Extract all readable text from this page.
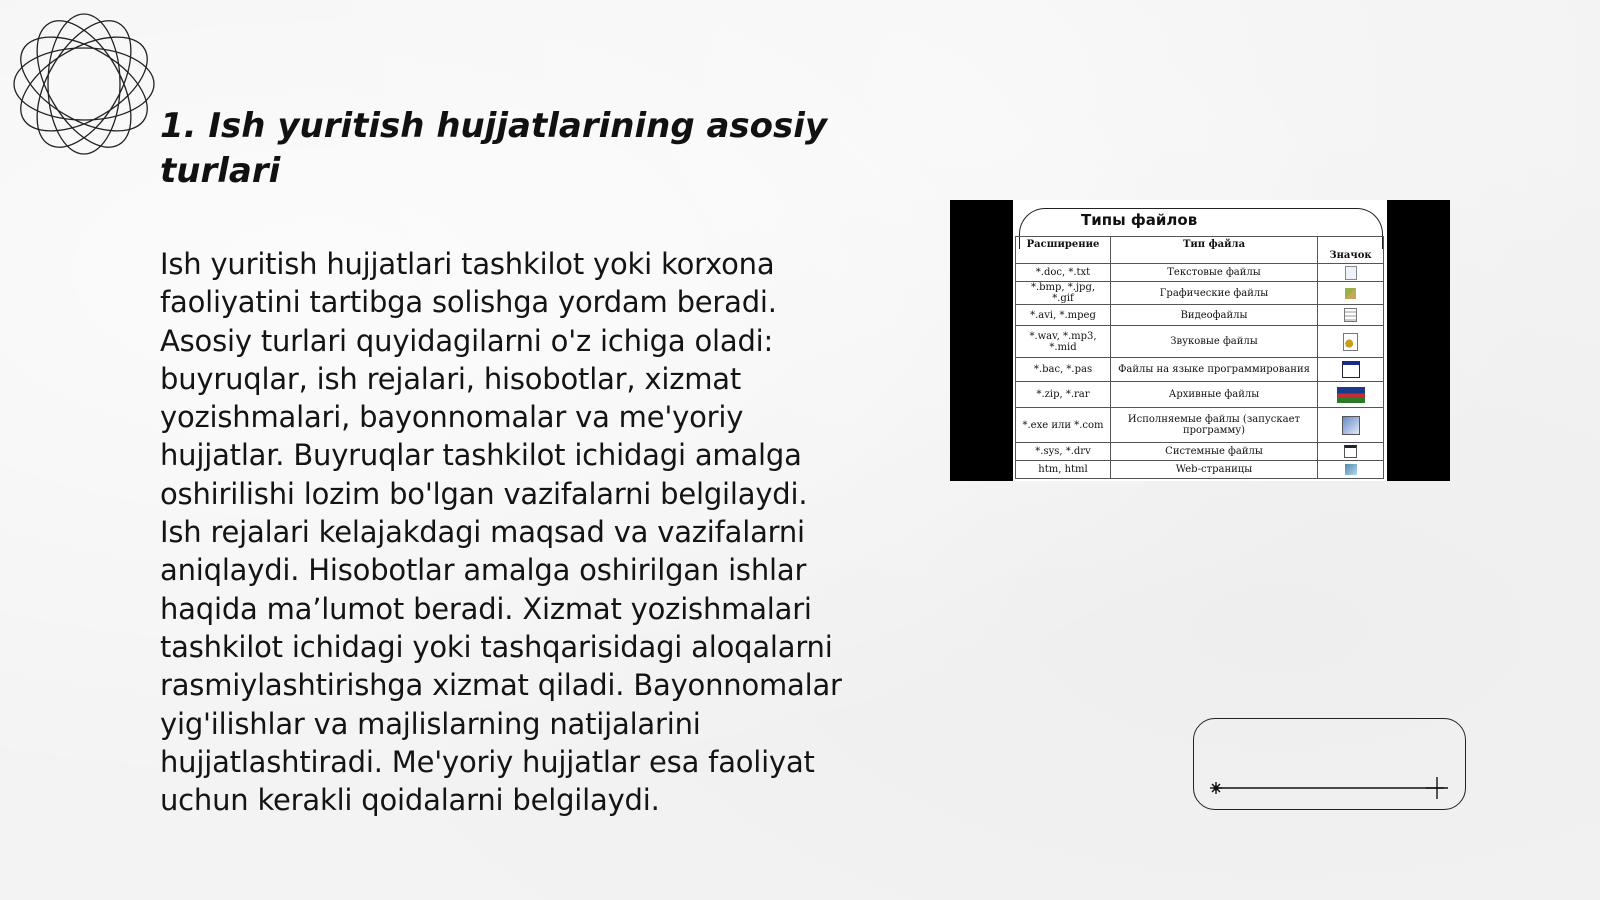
1. Ish yuritish hujjatlarining asosiy turlari

Ish yuritish hujjatlari tashkilot yoki korxona faoliyatini tartibga solishga yordam beradi. Asosiy turlari quyidagilarni o'z ichiga oladi: buyruqlar, ish rejalari, hisobotlar, xizmat yozishmalari, bayonnomalar va me'yoriy hujjatlar. Buyruqlar tashkilot ichidagi amalga oshirilishi lozim bo'lgan vazifalarni belgilaydi. Ish rejalari kelajakdagi maqsad va vazifalarni aniqlaydi. Hisobotlar amalga oshirilgan ishlar haqida ma’lumot beradi. Xizmat yozishmalari tashkilot ichidagi yoki tashqarisidagi aloqalarni rasmiylashtirishga xizmat qiladi. Bayonnomalar yig'ilishlar va majlislarning natijalarini hujjatlashtiradi. Me'yoriy hujjatlar esa faoliyat uchun kerakli qoidalarni belgilaydi.

Типы файлов
Расширение	Тип файла	Значок
*.doc, *.txt	Текстовые файлы	
*.bmp, *.jpg, *.gif	Графические файлы	
*.avi, *.mpeg	Видеофайлы	
*.wav, *.mp3, *.mid	Звуковые файлы	
*.bac, *.pas	Файлы на языке программирования	
*.zip, *.rar	Архивные файлы	
*.exe или *.com	Исполняемые файлы (запускает программу)	
*.sys, *.drv	Системные файлы	
htm, html	Web-страницы	
